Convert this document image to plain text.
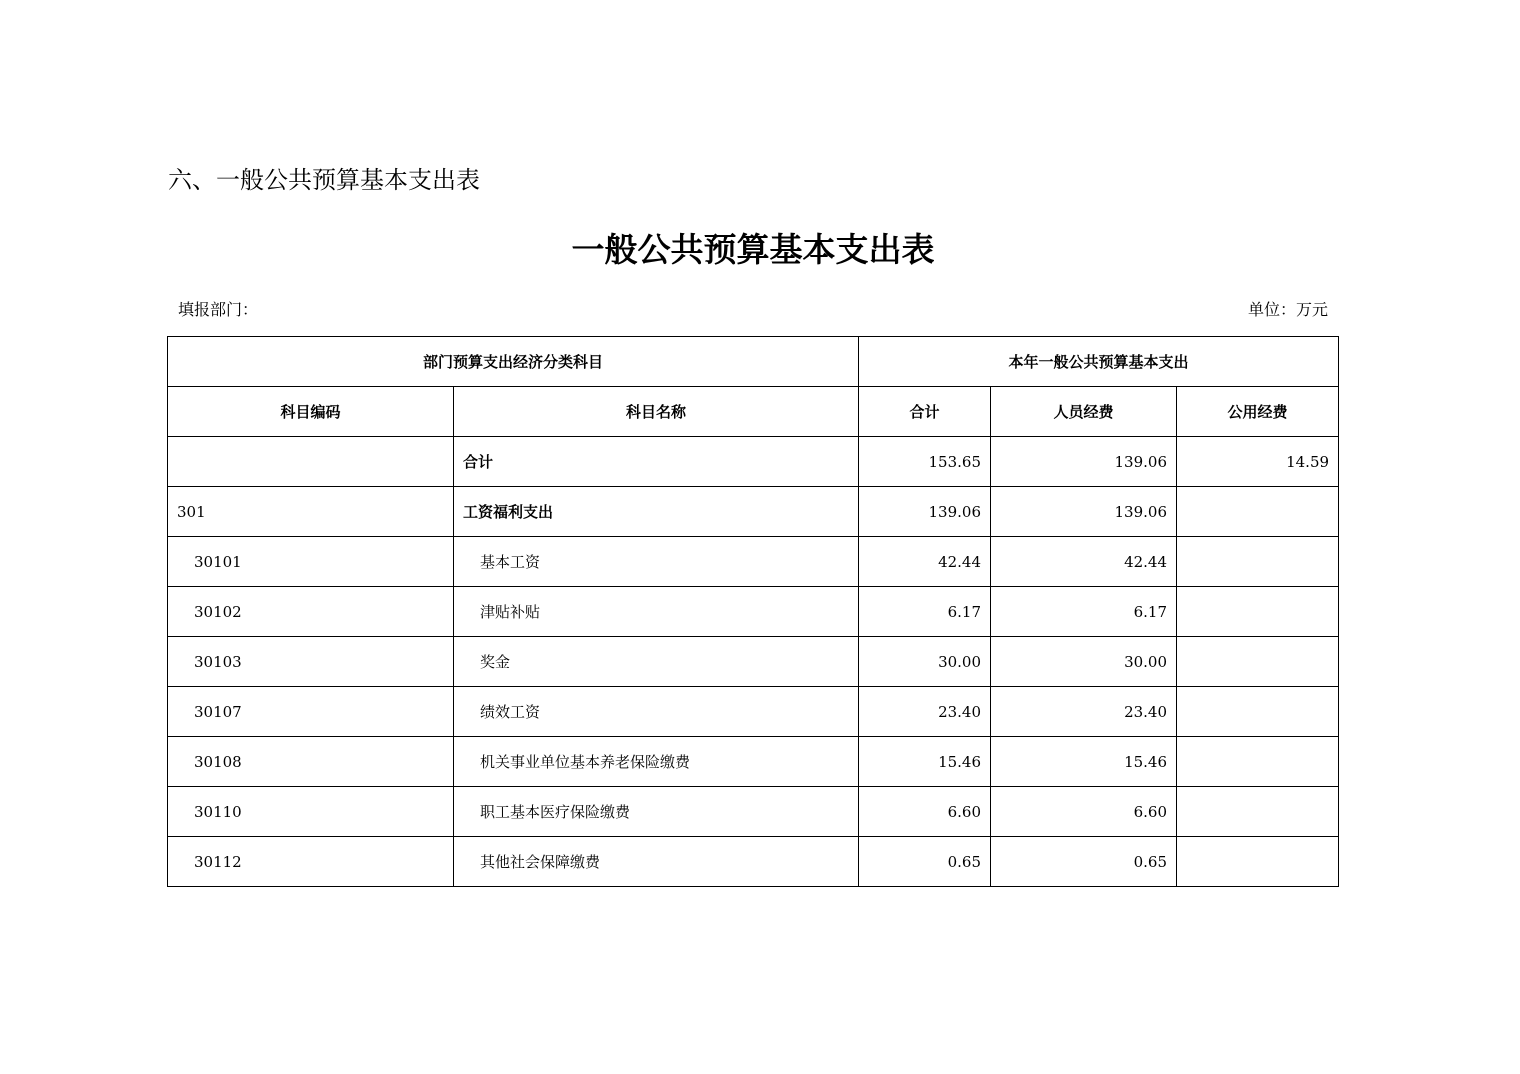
六、一般公共预算基本支出表
一般公共预算基本支出表
填报部门：	单位：万元
部门预算支出经济分类科目		本年一般公共预算基本支出		
科目编码	科目名称	合计	人员经费	公用经费
	合计	153.65	139.06	14.59
301	工资福利支出	139.06	139.06	
30101	基本工资	42.44	42.44	
30102	津贴补贴	6.17	6.17	
30103	奖金	30.00	30.00	
30107	绩效工资	23.40	23.40	
30108	机关事业单位基本养老保险缴费	15.46	15.46	
30110	职工基本医疗保险缴费	6.60	6.60	
30112	其他社会保障缴费	0.65	0.65	
